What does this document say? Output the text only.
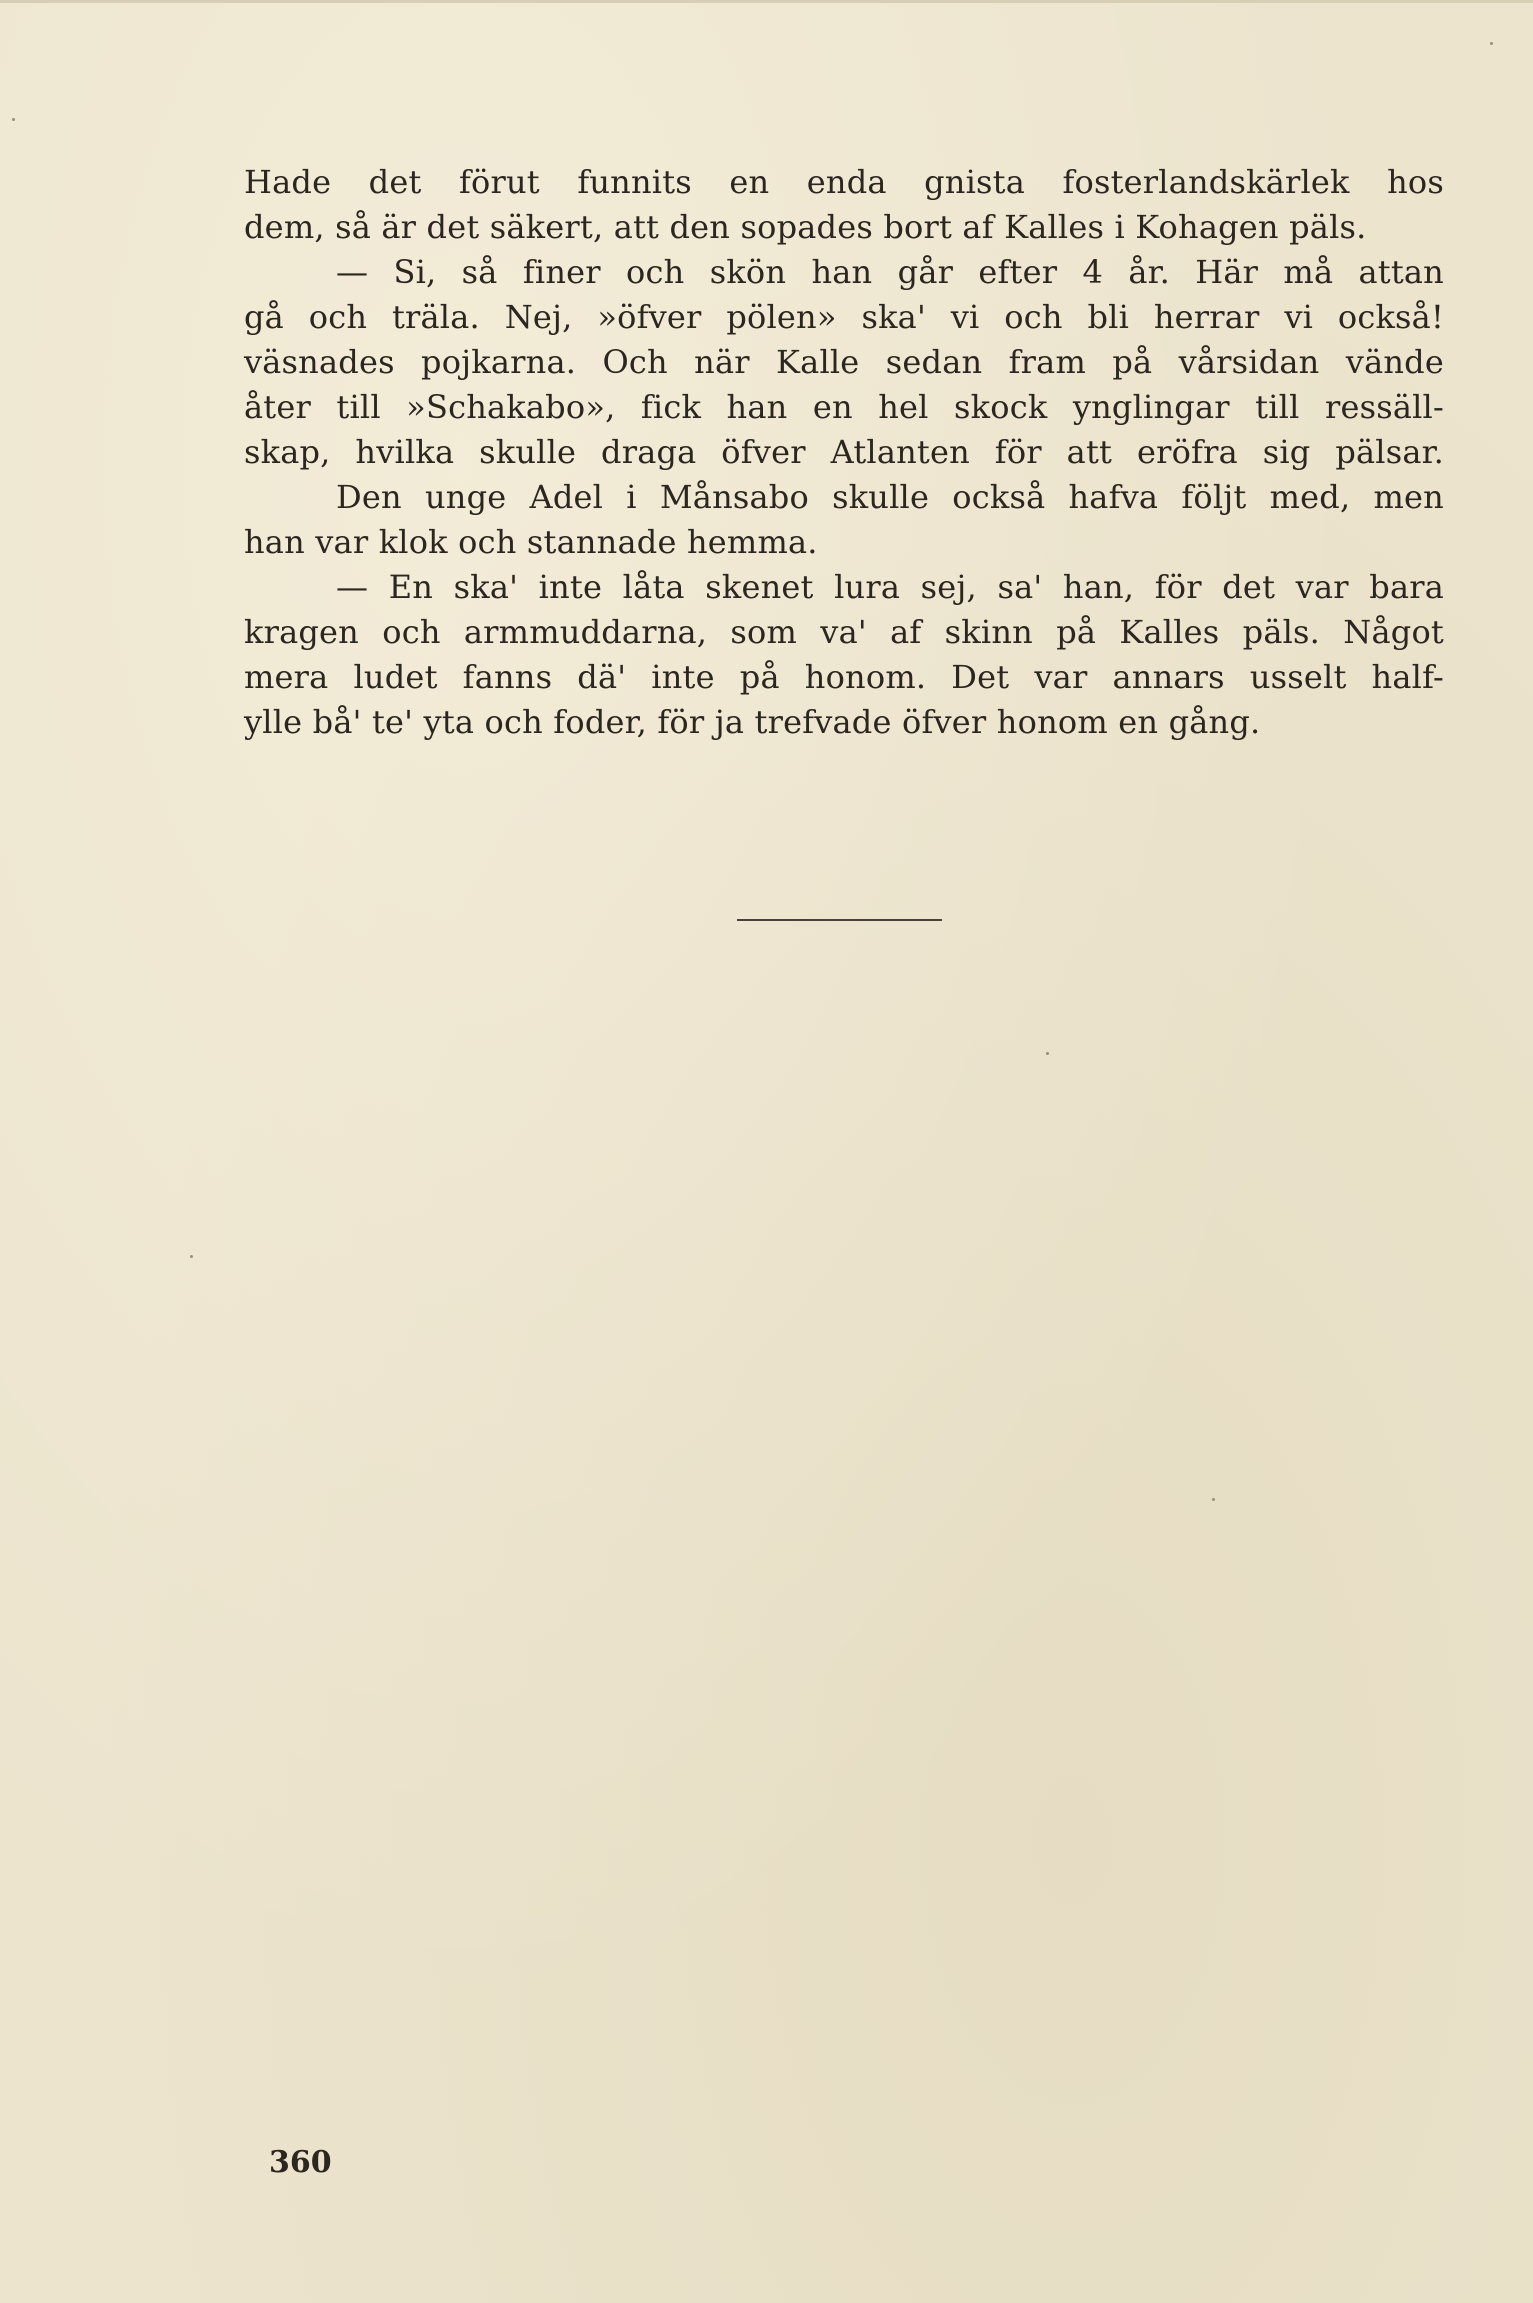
Hade det förut funnits en enda gnista fosterlandskärlek hos
dem, så är det säkert, att den sopades bort af Kalles i Kohagen päls.
— Si, så finer och skön han går efter 4 år. Här må attan
gå och träla. Nej, »öfver pölen» ska' vi och bli herrar vi också!
väsnades pojkarna. Och när Kalle sedan fram på vårsidan vände
åter till »Schakabo», fick han en hel skock ynglingar till ressäll-
skap, hvilka skulle draga öfver Atlanten för att eröfra sig pälsar.
Den unge Adel i Månsabo skulle också hafva följt med, men
han var klok och stannade hemma.
— En ska' inte låta skenet lura sej, sa' han, för det var bara
kragen och armmuddarna, som va' af skinn på Kalles päls. Något
mera ludet fanns dä' inte på honom. Det var annars usselt half-
ylle bå' te' yta och foder, för ja trefvade öfver honom en gång.
360
